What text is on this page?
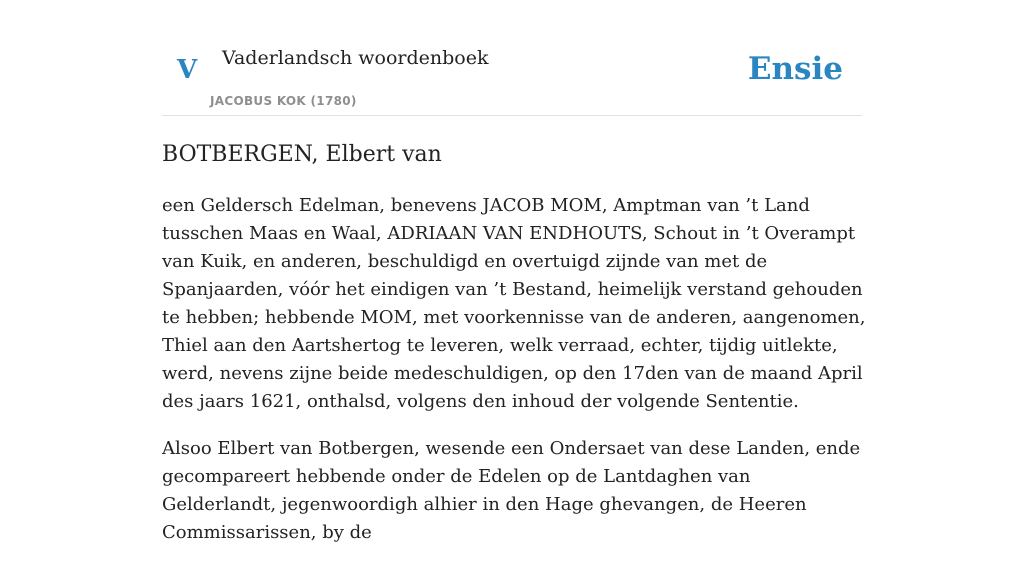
V Vaderlandsch woordenboek
JACOBUS KOK (1780)
Ensie
BOTBERGEN, Elbert van

een Geldersch Edelman, benevens JACOB MOM, Amptman van ’t Land tusschen Maas en Waal, ADRIAAN VAN ENDHOUTS, Schout in ’t Overampt van Kuik, en anderen, beschuldigd en overtuigd zijnde van met de Spanjaarden, vóór het eindigen van ’t Bestand, heimelijk verstand gehouden te hebben; hebbende MOM, met voorkennisse van de anderen, aangenomen, Thiel aan den Aartshertog te leveren, welk verraad, echter, tijdig uitlekte, werd, nevens zijne beide medeschuldigen, op den 17den van de maand April des jaars 1621, onthalsd, volgens den inhoud der volgende Sententie.

Alsoo Elbert van Botbergen, wesende een Ondersaet van dese Landen, ende gecompareert hebbende onder de Edelen op de Lantdaghen van Gelderlandt, jegenwoordigh alhier in den Hage ghevangen, de Heeren Commissarissen, by de
